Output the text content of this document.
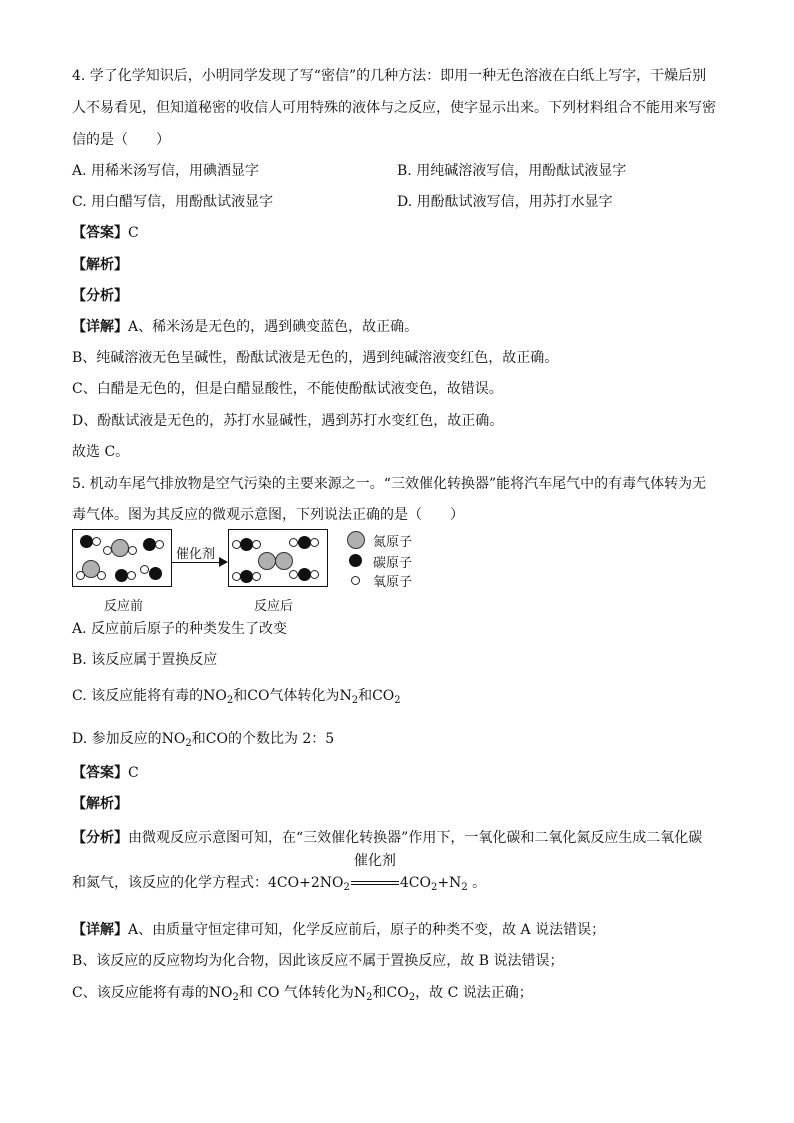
4. 学了化学知识后，小明同学发现了写“密信”的几种方法：即用一种无色溶液在白纸上写字，干燥后别
人不易看见，但知道秘密的收信人可用特殊的液体与之反应，使字显示出来。下列材料组合不能用来写密
信的是（　　）
A. 用稀米汤写信，用碘酒显字	B. 用纯碱溶液写信，用酚酞试液显字
C. 用白醋写信，用酚酞试液显字	D. 用酚酞试液写信，用苏打水显字
【答案】C
【解析】
【分析】
【详解】A、稀米汤是无色的，遇到碘变蓝色，故正确。
B、纯碱溶液无色呈碱性，酚酞试液是无色的，遇到纯碱溶液变红色，故正确。
C、白醋是无色的，但是白醋显酸性，不能使酚酞试液变色，故错误。
D、酚酞试液是无色的，苏打水显碱性，遇到苏打水变红色，故正确。
故选 C。
5. 机动车尾气排放物是空气污染的主要来源之一。“三效催化转换器”能将汽车尾气中的有毒气体转为无
毒气体。图为其反应的微观示意图，下列说法正确的是（　　）
催化剂
反应前	反应后
氮原子
碳原子
氧原子
A. 反应前后原子的种类发生了改变
B. 该反应属于置换反应
C. 该反应能将有毒的$NO_2$和CO气体转化为$N_2$和$CO_2$
D. 参加反应的$NO_2$和CO的个数比为 2：5
【答案】C
【解析】
【分析】由微观反应示意图可知，在“三效催化转换器”作用下，一氧化碳和二氧化氮反应生成二氧化碳
和氮气，该反应的化学方程式：$4CO+2NO_2$
催化剂
$4CO_2+N_2$ 。
【详解】A、由质量守恒定律可知，化学反应前后，原子的种类不变，故 A 说法错误；
B、该反应的反应物均为化合物，因此该反应不属于置换反应，故 B 说法错误；
C、该反应能将有毒的$NO_2$和 CO 气体转化为$N_2$和$CO_2$，故 C 说法正确；
